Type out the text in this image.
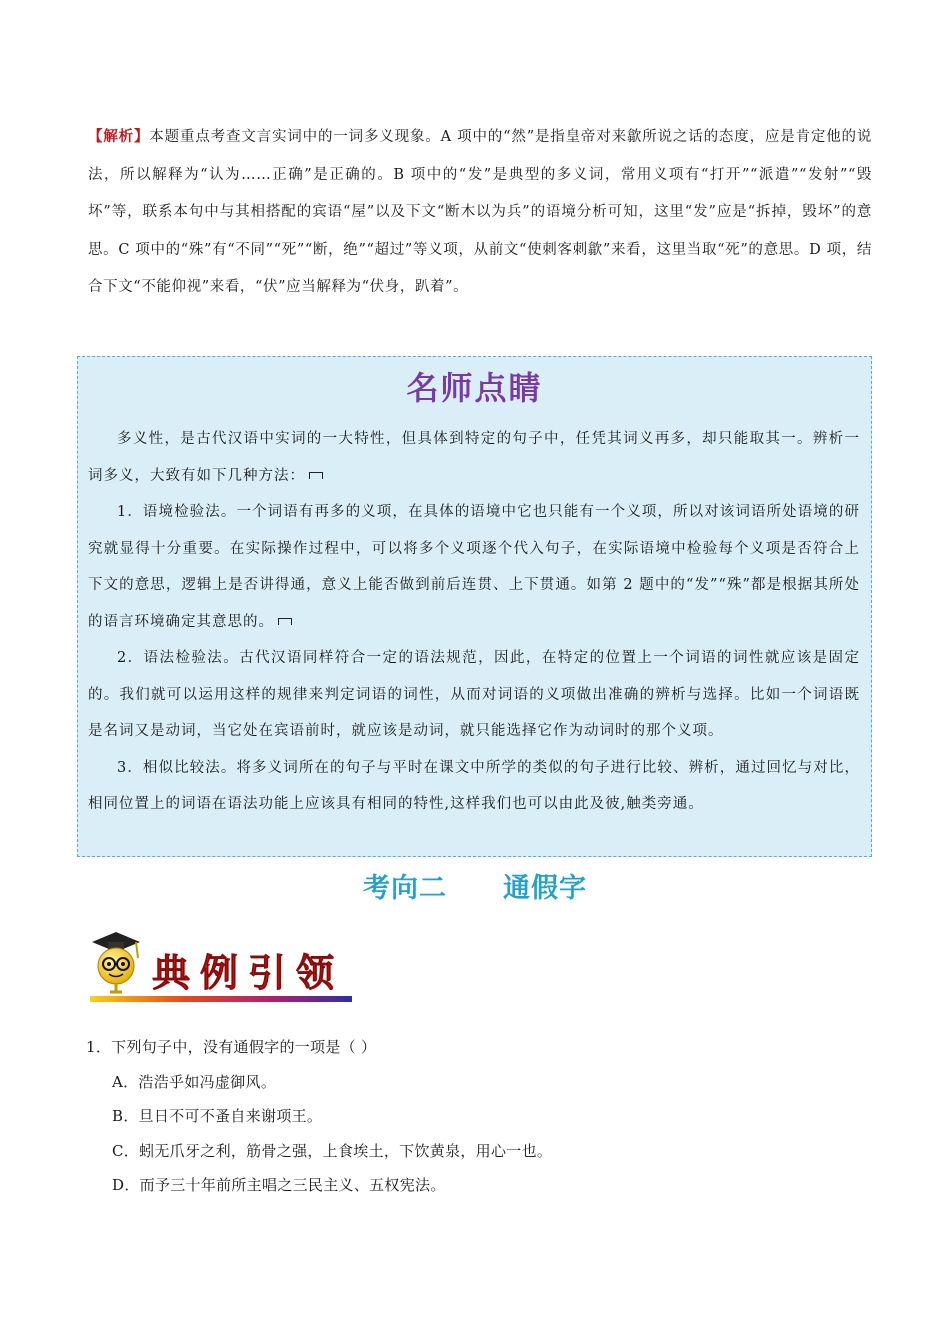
【解析】本题重点考查文言实词中的一词多义现象。A 项中的“然”是指皇帝对来歙所说之话的态度，应是肯定他的说法，所以解释为“认为……正确”是正确的。B 项中的“发”是典型的多义词，常用义项有“打开”“派遣”“发射”“毁坏”等，联系本句中与其相搭配的宾语“屋”以及下文“断木以为兵”的语境分析可知，这里“发”应是“拆掉，毁坏”的意思。C 项中的“殊”有“不同”“死”“断，绝”“超过”等义项，从前文“使刺客刺歙”来看，这里当取“死”的意思。D 项，结合下文“不能仰视”来看，“伏”应当解释为“伏身，趴着”。
名师点睛

多义性，是古代汉语中实词的一大特性，但具体到特定的句子中，任凭其词义再多，却只能取其一。辨析一词多义，大致有如下几种方法：

1．语境检验法。一个词语有再多的义项，在具体的语境中它也只能有一个义项，所以对该词语所处语境的研究就显得十分重要。在实际操作过程中，可以将多个义项逐个代入句子，在实际语境中检验每个义项是否符合上下文的意思，逻辑上是否讲得通，意义上能否做到前后连贯、上下贯通。如第 2 题中的“发”“殊”都是根据其所处的语言环境确定其意思的。

2．语法检验法。古代汉语同样符合一定的语法规范，因此，在特定的位置上一个词语的词性就应该是固定的。我们就可以运用这样的规律来判定词语的词性，从而对词语的义项做出准确的辨析与选择。比如一个词语既是名词又是动词，当它处在宾语前时，就应该是动词，就只能选择它作为动词时的那个义项。

3．相似比较法。将多义词所在的句子与平时在课文中所学的类似的句子进行比较、辨析，通过回忆与对比，相同位置上的词语在语法功能上应该具有相同的特性,这样我们也可以由此及彼,触类旁通。

考向二 通假字
典例引领

1．下列句子中，没有通假字的一项是（ ）

A．浩浩乎如冯虚御风。

B．旦日不可不蚤自来谢项王。

C．蚓无爪牙之利，筋骨之强，上食埃土，下饮黄泉，用心一也。

D．而予三十年前所主唱之三民主义、五权宪法。
